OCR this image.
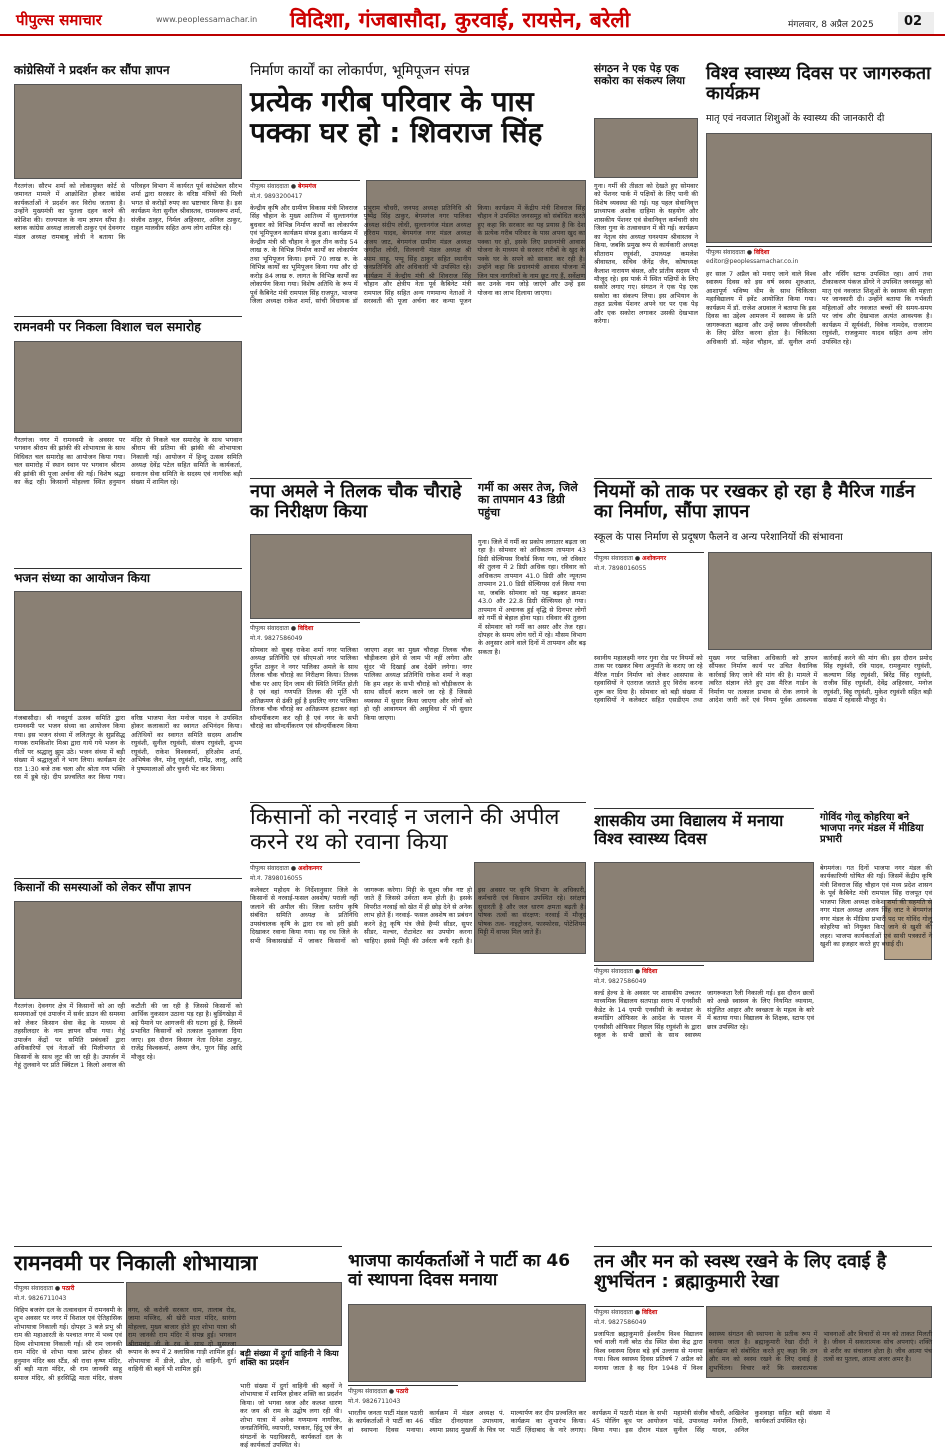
पीपुल्स समाचार	www.peoplessamachar.in	विदिशा, गंजबासौदा, कुरवाई, रायसेन, बरेली	मंगलवार, 8 अप्रैल 2025	02
कांग्रेसियों ने प्रदर्शन कर सौंपा ज्ञापन
गैरतगंज। सौरभ शर्मा को लोकायुक्त कोर्ट से जमानत मामले में आक्रोशित होकर कांग्रेस कार्यकर्ताओं ने प्रदर्शन कर विरोध जताया है। उन्होंने मुख्यमंत्री का पुतला दहन करने की कोशिश की। राज्यपाल के नाम ज्ञापन सौंपा है। ब्लाक कांग्रेस अध्यक्ष लालाजी ठाकुर एवं देवनगर मंडल अध्यक्ष रामबाबू लोधी ने बताया कि परिवहन विभाग में कार्यरत पूर्व कांस्टेबल सौरभ शर्मा द्वारा सरकार के वरिष्ठ मंत्रियों की मिली भगत से करोड़ों रुपए का भ्रष्टाचार किया है। इस कार्यक्रम नेता सुनील श्रीवास्तव, रामस्वरूप शर्मा, संजीव ठाकुर, निर्मल अहिरवार, अनिल ठाकुर, राहुल मालवीय सहित अन्य लोग शामिल रहे।
रामनवमी पर निकला विशाल चल समारोह
गैरतगंज। नगर में रामनवमी के अवसर पर भगवान श्रीराम की झांकी की शोभायात्रा के साथ विधिवत चल समारोह का आयोजन किया गया। चल समारोह में स्थान स्थान पर भगवान श्रीराम की झांकी की पूजा अर्चना की गई। विशेष श्रद्धा का केंद्र रही। किसानों मोहल्ला स्थित हनुमान मंदिर से निकले चल समारोह के साथ भगवान श्रीराम की प्रतिमा की झांकी की शोभायात्रा निकाली गई। आयोजन में हिन्दू उत्सव समिति अध्यक्ष देवेंद्र पटेल सहित समिति के कार्यकर्ता, सनातन सेवा समिति के सदस्य एवं नागरिक बड़ी संख्या में शामिल रहे।
भजन संध्या का आयोजन किया
गंजबासौदा। श्री नवदुर्गा उत्सव समिति द्वारा रामनवमी पर भजन संध्या का आयोजन किया गया। इस भजन संध्या में ललितपुर के सुप्रसिद्ध गायक रामकिशोर मिश्रा द्वारा गाये गये भजन के गीतों पर श्रद्धालु झूम उठे। भजन संध्या में बड़ी संख्या में श्रद्धालुओं ने भाग लिया। कार्यक्रम देर रात 1:30 बजे तक चला और श्रोता गण भक्ति रस में डूबे रहे। दीप प्रज्वलित कर किया गया। वरिष्ठ भाजपा नेता मनोज यादव ने उपस्थित होकर कलाकारों का स्वागत अभिनंदन किया। अतिथियों का स्वागत समिति सदस्य आशीष रघुवंशी, सुनील रघुवंशी, संजय रघुवंशी, शुभम रघुवंशी, राकेश विश्वकर्मा, हरिओम शर्मा, अभिषेक जैन, मोनू रघुवंशी, रामेंद्र, लालू, आदि ने पुष्पमालाओं और चुनरी भेंट कर किया।
किसानों की समस्याओं को लेकर सौंपा ज्ञापन
गैरतगंज। देवनगर क्षेत्र में किसानों को आ रही समस्याओं एवं उपार्जन में सर्वर डाउन की समस्या को लेकर किसान सेवा केंद्र के माध्यम से तहसीलदार के नाम ज्ञापन सौंपा गया। गेहूं उपार्जन केंद्रों पर समिति प्रबंधकों द्वारा अधिकारियों एवं नेताओं की मिलीभगत से किसानों के साथ लूट की जा रही है। उपार्जन में गेहूं तुलवाने पर प्रति क्विंटल 1 किलो अनाज की कटौती की जा रही है जिससे किसानों को आर्थिक नुकसान उठाना पड़ रहा है। बुडिंगखेड़ा में बड़े पैमाने पर आगजनी की घटना हुई है, जिसमें प्रभावित किसानों को तत्काल मुआवजा दिया जाए। इस दौरान किसान नेता दिनेश ठाकुर, राजेंद्र विश्वकर्मा, अरुण जैन, पूरन सिंह आदि मौजूद रहे।
निर्माण कार्यों का लोकार्पण, भूमिपूजन संपन्न
प्रत्येक गरीब परिवार के पास पक्का घर हो : शिवराज सिंह
पीपुल्स संवाददाता ● बेगमगंज
मो.नं. 9893200417
केन्द्रीय कृषि और ग्रामीण विकास मंत्री शिवराज सिंह चौहान के मुख्य आतिथ्य में सुल्तानगंज बुधवार को विभिन्न निर्माण कार्यों का लोकार्पण एवं भूमिपूजन कार्यक्रम संपन्न हुआ। कार्यक्रम में केन्द्रीय मंत्री श्री चौहान ने कुल तीन करोड़ 54 लाख रु. के विभिन्न निर्माण कार्यों का लोकार्पण तथा भूमिपूजन किया। इनमें 70 लाख रु. के विभिन्न कार्यों का भूमिपूजन किया गया और दो करोड़ 84 लाख रु. लागत के विभिन्न कार्यों का लोकार्पण किया गया। विशेष अतिथि के रूप में पूर्व कैबिनेट मंत्री रामपाल सिंह राजपूत, भाजपा जिला अध्यक्ष राकेश शर्मा, सांची विधायक डॉ प्रभुराम चौधरी, जनपद अध्यक्ष प्रतिनिधि श्री पुष्पेंद्र सिंह ठाकुर, बेगमगंज नगर पालिका अध्यक्ष संदीप लोधी, सुल्तानगंज मंडल अध्यक्ष हरिराम यादव, बेगमगंज नगर मंडल अध्यक्ष अजय जाट, बेगमगंज ग्रामीण मंडल अध्यक्ष जगदीश लोधी, सिलवानी मंडल अध्यक्ष श्री श्याम साहू, पप्पू सिंह ठाकुर सहित स्थानीय जनप्रतिनिधि और अधिकारी भी उपस्थित रहे। कार्यक्रम में केन्द्रीय मंत्री श्री शिवराज सिंह चौहान और क्षेत्रीय नेता पूर्व कैबिनेट मंत्री रामपाल सिंह सहित अन्य गणमान्य नेताओं ने सरस्वती की पूजा अर्चना कर कन्या पूजन किया। कार्यक्रम में केंद्रीय मंत्री शिवराज सिंह चौहान ने उपस्थित जनसमूह को संबोधित करते हुए कहा कि सरकार का यह प्रयास है कि देश के प्रत्येक गरीब परिवार के पास अपना खुद का पक्का घर हो, इसके लिए प्रधानमंत्री आवास योजना के माध्यम से सरकार गरीबों के खुद के पक्के घर के सपने को साकार कर रही है। उन्होंने कहा कि प्रधानमंत्री आवास योजना में जिन पात्र नागरिकों के नाम छूट गए हैं, सर्वेक्षण कर उनके नाम जोड़े जाएंगे और उन्हें इस योजना का लाभ दिलाया जाएगा।
नपा अमले ने तिलक चौक चौराहे का निरीक्षण किया
पीपुल्स संवाददाता ● विदिशा
मो.नं. 9827586049
सोमवार को सुबह राकेश शर्मा नगर पालिका अध्यक्ष प्रतिनिधि एवं सीएमओ नगर पालिका दुर्गेश ठाकुर ने नगर पालिका अमले के साथ तिलक चौक चौराहे का निरीक्षण किया। तिलक चौक पर आए दिन जाम की स्थिति निर्मित होती है एवं वहां गणपति तिलक की मूर्ति भी अतिक्रमण से ढंकी हुई है इसलिए नगर पालिका तिलक चौक चौराहे का अतिक्रमण हटाकर वहां सौन्दर्यीकरण कर रही है एवं नगर के सभी चौराहे का सौन्दर्यीकरण एवं सौन्दर्यीकरण किया जाएगा शहर का मुख्य चौराहा तिलक चौक चौड़ीकरण होने से जाम भी नहीं लगेगा और सुंदर भी दिखाई अब देखेंगे लगेगा। नगर पालिका अध्यक्ष प्रतिनिधि राकेश शर्मा ने कहा कि हम शहर के सभी चौराहे को चौड़ीकरण के साथ सौंदर्य करण करने जा रहे हैं जिससे व्यवस्था में सुधार किया जाएगा और लोगों को हो रही आवागमन की असुविधा में भी सुधार किया जाएगा।
गर्मी का असर तेज, जिले का तापमान 43 डिग्री पहुंचा
गुना। जिले में गर्मी का प्रकोप लगातार बढ़ता जा रहा है। सोमवार को अधिकतम तापमान 43 डिग्री सेल्सियस रिकॉर्ड किया गया, जो रविवार की तुलना में 2 डिग्री अधिक रहा। रविवार को अधिकतम तापमान 41.0 डिग्री और न्यूनतम तापमान 21.0 डिग्री सेल्सियस दर्ज किया गया था, जबकि सोमवार को यह बढ़कर क्रमशः 43.0 और 22.8 डिग्री सेल्सियस हो गया। तापमान में अचानक हुई वृद्धि से दिनभर लोगों को गर्मी से बेहाल होना पड़ा। रविवार की तुलना में सोमवार को गर्मी का असर और तेज रहा। दोपहर के समय लोग घरों में रहे। मौसम विभाग के अनुसार आने वाले दिनों में तापमान और बढ़ सकता है।
किसानों को नरवाई न जलाने की अपील करने रथ को रवाना किया
पीपुल्स संवाददाता ● अशोकनगर
मो.नं. 7898016055
कलेक्टर महोदय के निर्देशानुसार जिले के किसानों से नरवाई-फसल अवशेष/ पराली नहीं जलाने की अपील की। जिला स्तरीय कृषि संबंधित समिति अध्यक्ष के प्रतिनिधि उपसंचालक कृषि के द्वारा रथ को हरी झंडी दिखाकर रवाना किया गया। यह रथ जिले के सभी विकासखंडों में जाकर किसानों को जागरूक करेगा। मिट्टी के सूक्ष्म जीव नष्ट हो जाते हैं जिससे उर्वरता कम होती है। इसके विपरीत नरवाई को खेत में ही छोड़ देने से अनेक लाभ होते हैं। नरवाई- फसल अवशेष का प्रबंधन करने हेतु कृषि यंत्र जैसे हैप्पी सीडर, सुपर सीडर, मल्चर, रोटावेटर का उपयोग करना चाहिए। इससे मिट्टी की उर्वरता बनी रहती है। इस अवसर पर कृषि विभाग के अधिकारी, कर्मचारी एवं किसान उपस्थित रहे। सरंक्षण सुधारती है और जल धारण क्षमता बढ़ती है। पोषक तत्वों का संरक्षण: नरवाई में मौजूद पोषक तत्व- नाइट्रोजन, फास्फोरस, पोटेशियम मिट्टी में वापस मिल जाते हैं।
संगठन ने एक पेड़ एक सकोरा का संकल्प लिया
गुना। गर्मी की तीव्रता को देखते हुए सोमवार को पेंशनर पार्क में पक्षियों के लिए पानी की विशेष व्यवस्था की गई। यह पहल सेवानिवृत्त प्राध्यापक अशोक दाहिमा के सहयोग और शासकीय पेंशनर एवं सेवानिवृत्त कर्मचारी संघ जिला गुना के तत्वावधान में की गई। कार्यक्रम का नेतृत्व संघ अध्यक्ष घनश्याम श्रीवास्तव ने किया, जबकि प्रमुख रूप से कार्यकारी अध्यक्ष सीताराम रघुवंशी, उपाध्यक्ष कमलेश श्रीवास्तव, सचिव जैनेंद्र जैन, कोषाध्यक्ष कैलाश नारायण बंसल, और प्रांतीय सदस्य भी मौजूद रहे। इस पार्क में स्थित पक्षियों के लिए सकोरे लगाए गए। संगठन ने एक पेड़ एक सकोरा का संकल्प लिया। इस अभियान के तहत प्रत्येक पेंशनर अपने घर पर एक पेड़ और एक सकोरा लगाकर उसकी देखभाल करेगा।
विश्व स्वास्थ्य दिवस पर जागरुकता कार्यक्रम
मातृ एवं नवजात शिशुओं के स्वास्थ्य की जानकारी दी
पीपुल्स संवाददाता ● विदिशा
editor@peoplessamachar.co.in
हर साल 7 अप्रैल को मनाए जाने वाले विश्व स्वास्थ्य दिवस को इस वर्ष स्वस्थ शुरुआत, आशापूर्ण भविष्य थीम के साथ चिकित्सा महाविद्यालय में इवेंट आयोजित किया गया। कार्यक्रम में डॉ. राजेश अग्रवाल ने बताया कि इस दिवस का उद्देश्य आमजन में स्वास्थ्य के प्रति जागरूकता बढ़ाना और उन्हें स्वस्थ जीवनशैली के लिए प्रेरित करना होता है। चिकित्सा अधिकारी डॉ. महेश चौहान, डॉ. सुनील शर्मा और नर्सिंग स्टाफ उपस्थित रहा। आर्य तथा टीकाकरण पंकज डोंगरे ने उपस्थित जनसमूह को मातृ एवं नवजात शिशुओं के स्वास्थ्य की महत्ता पर जानकारी दी। उन्होंने बताया कि गर्भवती महिलाओं और नवजात बच्चों की समय-समय पर जांच और देखभाल अत्यंत आवश्यक है। कार्यक्रम में सूर्यवंशी, विवेक नामदेव, राजाराम रघुवंशी, राजकुमार यादव सहित अन्य लोग उपस्थित रहे।
नियमों को ताक पर रखकर हो रहा है मैरिज गार्डन का निर्माण, सौंपा ज्ञापन
स्कूल के पास निर्माण से प्रदूषण फैलने व अन्य परेशानियों की संभावना
पीपुल्स संवाददाता ● अशोकनगर
मो.नं. 7898016055
स्थानीय महालक्ष्मी नगर गुना रोड पर नियमों को ताक पर रखकर बिना अनुमति के कराए जा रहे मैरिज गार्डन निर्माण को लेकर आसपास के रहवासियों ने एतराज जताते हुए विरोध करना शुरू कर दिया है। सोमवार को बड़ी संख्या में रहवासियों ने कलेक्टर सहित एसडीएम तथा मुख्य नगर पालिका अधिकारी को ज्ञापन सौंपकर निर्माण कार्य पर उचित वैधानिक कार्रवाई किए जाने की मांग की है। मामले में त्वरित संज्ञान लेते हुए उस मैरिज गार्डन के निर्माण पर तत्काल प्रभाव से रोक लगाने के आदेश जारी करें एवं नियम पूर्वक आवश्यक कार्रवाई करने की मांग की। इस दौरान प्रमोद सिंह रघुवंशी, रवि यादव, रामकुमार रघुवंशी, कल्याण सिंह रघुवंशी, बिरेंद्र सिंह रघुवंशी, राजीव सिंह रघुवंशी, देवेंद्र अहिरवार, मनोज रघुवंशी, बिट्टू रघुवंशी, मुकेश रघुवंशी सहित बड़ी संख्या में रहवासी मौजूद थे।
शासकीय उमा विद्यालय में मनाया विश्व स्वास्थ्य दिवस
पीपुल्स संवाददाता ● विदिशा
मो.नं. 9827586049
वर्ल्ड हेल्थ डे के अवसर पर शासकीय उच्चतर माध्यमिक विद्यालय सतपाड़ा सराय में एनसीसी कैडेट के 14 एमपी एनसीसी के कमांडर के कमांडिंग ऑफिसर के आदेश के पालन में एनसीसी ऑफिसर निहाल सिंह रघुवंशी के द्वारा स्कूल के सभी छात्रों के साथ स्वास्थ्य जागरूकता रैली निकाली गई। इस दौरान छात्रों को अच्छे स्वास्थ्य के लिए नियमित व्यायाम, संतुलित आहार और स्वच्छता के महत्व के बारे में बताया गया। विद्यालय के शिक्षक, स्टाफ एवं छात्र उपस्थित रहे।
गोविंद गोलू कोहरिया बने भाजपा नगर मंडल में मीडिया प्रभारी
बेगमगंज। गत दिनों भाजपा नगर मंडल की कार्यकारिणी घोषित की गई। जिसमें केंद्रीय कृषि मंत्री शिवराज सिंह चौहान एवं मध्य प्रदेश शासन के पूर्व कैबिनेट मंत्री रामपाल सिंह राजपूत एवं भाजपा जिला अध्यक्ष राकेश शर्मा की सहमति से नगर मंडल अध्यक्ष अजय सिंह जाट ने बेगमगंज नगर मंडल के मीडिया प्रभारी पद पर गोविंद गोलू कोहरिया को नियुक्त किए जाने से खुशी की लहर। भाजपा कार्यकर्ताओं एवं साथी पत्रकारों ने खुशी का इजहार करते हुए बधाई दी।
रामनवमी पर निकाली शोभायात्रा
पीपुल्स संवाददाता ● पठारी
मो.नं. 9826711043
विहिप बजरंग दल के तत्वावधान में रामनवमी के शुभ अवसर पर नगर में विशाल एवं ऐतिहासिक शोभायात्रा निकाली गई। दोपहर 3 बजे प्रभु श्री राम की महाआरती के पश्चात नगर में भव्य एवं दिव्य शोभायात्रा निकाली गई। श्री राम जानकी राम मंदिर से शोभा यात्रा प्रारंभ होकर श्री हनुमान मंदिर बस स्टैंड, श्री राधा कृष्ण मंदिर, श्री बड़ी माता मंदिर, श्री राम जानकी साहू समाज मंदिर, श्री हरसिद्धि माता मंदिर, संजय नगर, श्री करोली सरकार धाम, तालाब रोड, जामा मस्जिद, श्री खेरी माता मंदिर, सारंगा मोहल्ला, मुख्य बाजार होते हुए शोभा यात्रा श्री राम जानकी राम मंदिर में संपन्न हुई। भगवान श्रीरामचंद्र जी के रथ के साथ दो सुसज्जा रूपान के रूप में 2 क्लासिक गाड़ी शामिल हुईं। शोभायात्रा में डीजे, ढोल, दो वाहिनी, दुर्गा वाहिनी की बहनें भी शामिल हुईं।
बड़ी संख्या में दुर्गा वाहिनी ने किया शक्ति का प्रदर्शन
भारी संख्या में दुर्गा वाहिनी की बहनों ने शोभायात्रा में शामिल होकर शक्ति का प्रदर्शन किया। जो भगवा ध्वज और कलश धारण कर जय श्री राम के उद्घोष लगा रही थी। शोभा यात्रा में अनेक गणमान्य नागरिक, जनप्रतिनिधि, व्यापारी, पत्रकार, हिंदू एवं जैन संगठनों के पदाधिकारी, कार्यकर्ता दल के कई कार्यकर्ता उपस्थित थे।
भाजपा कार्यकर्ताओं ने पार्टी का 46 वां स्थापना दिवस मनाया
पीपुल्स संवाददाता ● पठारी
मो.नं. 9826711043
भारतीय जनता पार्टी मंडल पठारी के कार्यकर्ताओं ने पार्टी का 46 वां स्थापना दिवस मनाया। कार्यक्रम में मंडल अध्यक्ष पं. पंडित दीनदयाल उपाध्याय, श्यामा प्रसाद मुखर्जी के चित्र पर माल्यार्पण कर दीप प्रज्वलित कर कार्यक्रम का शुभारंभ किया। पार्टी ज़िंदाबाद के नारे लगाए। कार्यक्रम में पठारी मंडल के सभी 45 पोलिंग बूथ पर आयोजन किया गया। इस दौरान मंडल महामंत्री संजीव चौधरी, अखिलेश पांडे, उपाध्यक्ष मनोज तिवारी, सुनील सिंह यादव, अनिल कुशवाहा सहित बड़ी संख्या में कार्यकर्ता उपस्थित रहे।
तन और मन को स्वस्थ रखने के लिए दवाई है शुभचिंतन : ब्रह्माकुमारी रेखा
पीपुल्स संवाददाता ● विदिशा
मो.नं. 9827586049
प्रजापिता ब्रह्माकुमारी ईश्वरीय विश्व विद्यालय चर्च वाली गली बरेठ रोड स्थित सेवा केंद्र द्वारा विश्व स्वास्थ्य दिवस बड़े हर्ष उल्लास से मनाया गया। विश्व स्वास्थ्य दिवस प्रतिवर्ष 7 अप्रैल को मनाया जाता है वह दिन 1948 में विश्व स्वास्थ्य संगठन की स्थापना के प्रतीक रूप में मनाया जाता है। ब्रह्माकुमारी रेखा दीदी ने कार्यक्रम को संबोधित करते हुए कहा कि तन और मन को स्वस्थ रखने के लिए दवाई है शुभचिंतन। विचार करें कि सकारात्मक भावनाओं और विचारों से मन को ताकत मिलती है। जीवन में सकारात्मक सोच अपनाएं। शक्ति से शरीर का संचालन होता है। जीव आत्मा पंच तत्वों का पुतला, आत्मा अजर अमर है।
